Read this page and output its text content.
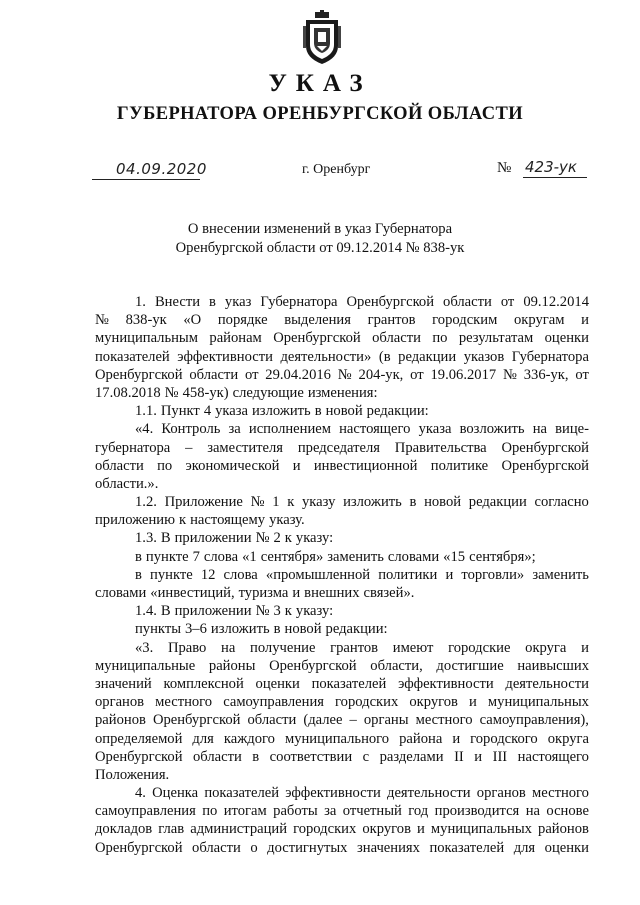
УКАЗ
ГУБЕРНАТОРА ОРЕНБУРГСКОЙ ОБЛАСТИ
04.09.2020	г. Оренбург	№ 423-ук
О внесении изменений в указ Губернатора
Оренбургской области от 09.12.2014 № 838-ук
1. Внести в указ Губернатора Оренбургской области от 09.12.2014
№ 838-ук «О порядке выделения грантов городским округам и
муниципальным районам Оренбургской области по результатам оценки
показателей эффективности деятельности» (в редакции указов Губернатора
Оренбургской области от 29.04.2016 № 204-ук, от 19.06.2017 № 336-ук, от
17.08.2018 № 458-ук) следующие изменения:
1.1. Пункт 4 указа изложить в новой редакции:
«4. Контроль за исполнением настоящего указа возложить на вице-
губернатора – заместителя председателя Правительства Оренбургской
области по экономической и инвестиционной политике Оренбургской
области.».
1.2. Приложение № 1 к указу изложить в новой редакции согласно
приложению к настоящему указу.
1.3. В приложении № 2 к указу:
в пункте 7 слова «1 сентября» заменить словами «15 сентября»;
в пункте 12 слова «промышленной политики и торговли» заменить
словами «инвестиций, туризма и внешних связей».
1.4. В приложении № 3 к указу:
пункты 3–6 изложить в новой редакции:
«3. Право на получение грантов имеют городские округа и
муниципальные районы Оренбургской области, достигшие наивысших
значений комплексной оценки показателей эффективности деятельности
органов местного самоуправления городских округов и муниципальных
районов Оренбургской области (далее – органы местного самоуправления),
определяемой для каждого муниципального района и городского округа
Оренбургской области в соответствии с разделами II и III настоящего
Положения.
4. Оценка показателей эффективности деятельности органов местного
самоуправления по итогам работы за отчетный год производится на основе
докладов глав администраций городских округов и муниципальных районов
Оренбургской области о достигнутых значениях показателей для оценки
